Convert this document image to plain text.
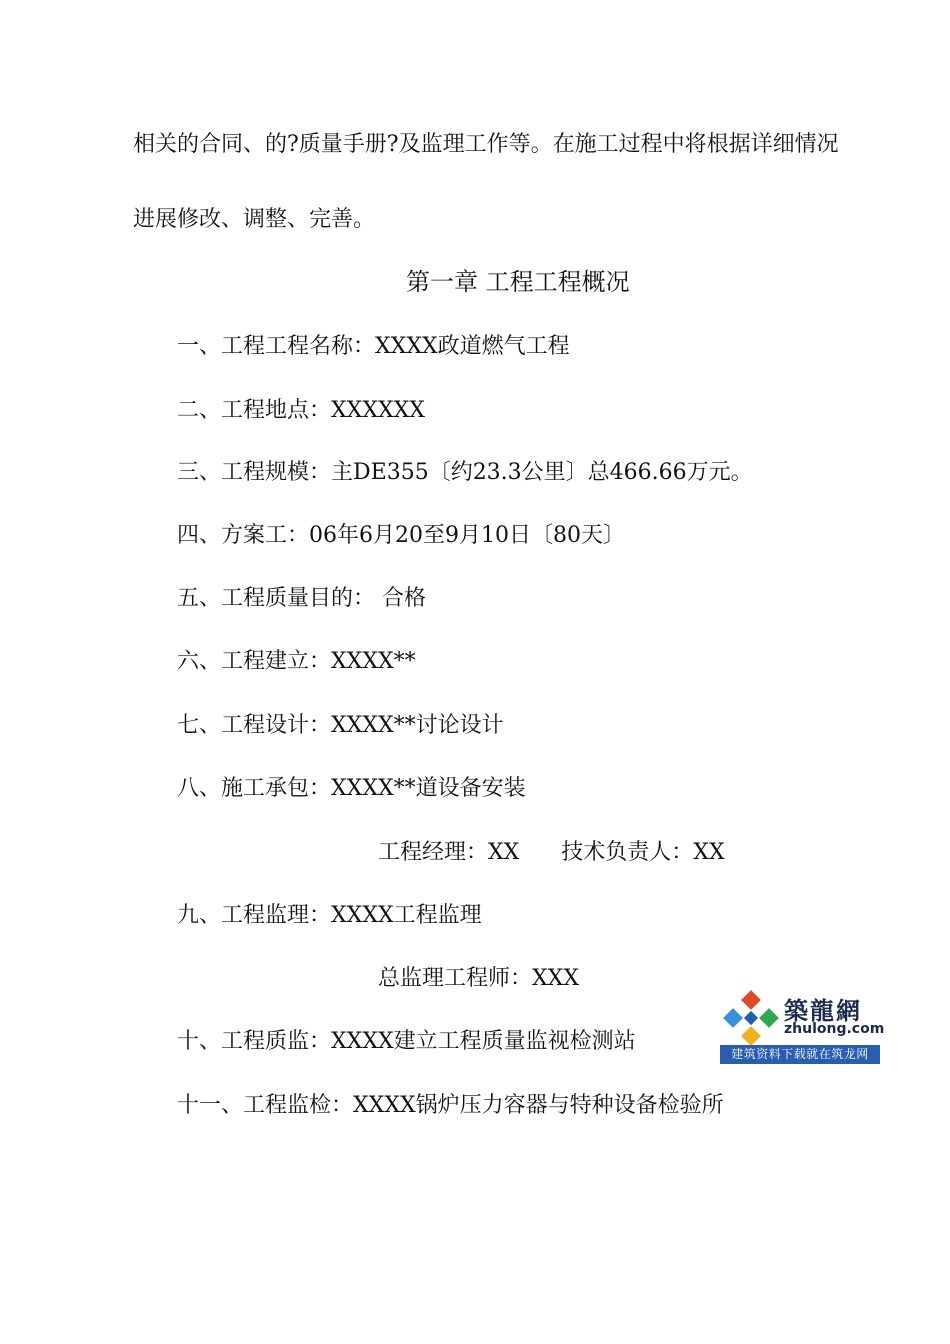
相关的合同、的?质量手册?及监理工作等。在施工过程中将根据详细情况
进展修改、调整、完善。
第一章 工程工程概况
一、工程工程名称：XXXX政道燃气工程
二、工程地点：XXXXXX
三、工程规模：主DE355〔约23.3公里〕总466.66万元。
四、方案工：06年6月20至9月10日〔80天〕
五、工程质量目的： 合格
六、工程建立：XXXX**
七、工程设计：XXXX**讨论设计
八、施工承包：XXXX**道设备安装
工程经理：XX      技术负责人：XX
九、工程监理：XXXX工程监理
总监理工程师：XXX
十、工程质监：XXXX建立工程质量监视检测站
十一、工程监检：XXXX锅炉压力容器与特种设备检验所
築龍網
zhulong.com
建筑资料下载就在筑龙网
